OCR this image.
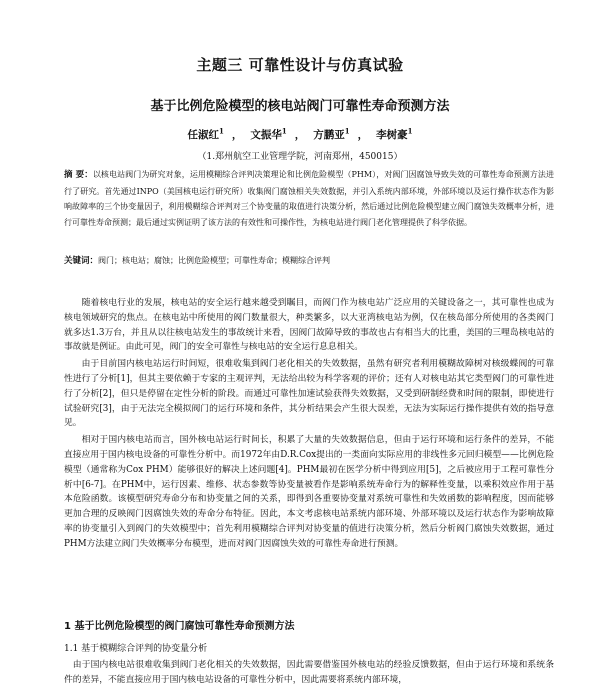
主题三 可靠性设计与仿真试验
基于比例危险模型的核电站阀门可靠性寿命预测方法
任淑红$^1$ ， 文振华$^1$ ， 方鹏亚$^1$ ， 李树豪$^1$
（1.郑州航空工业管理学院，河南郑州，450015）
摘 要：以核电站阀门为研究对象，运用模糊综合评判决策理论和比例危险模型（PHM），对阀门因腐蚀导致失效的可靠性寿命预测方法进行了研究。首先通过INPO（美国核电运行研究所）收集阀门腐蚀相关失效数据，并引入系统内部环境，外部环境以及运行操作状态作为影响故障率的三个协变量因子，利用模糊综合评判对三个协变量的取值进行决策分析，然后通过比例危险模型建立阀门腐蚀失效概率分析，进行可靠性寿命预测；最后通过实例证明了该方法的有效性和可操作性，为核电站进行阀门老化管理提供了科学依据。
关键词：阀门；核电站；腐蚀；比例危险模型；可靠性寿命；模糊综合评判

随着核电行业的发展，核电站的安全运行越来越受到瞩目，而阀门作为核电站广泛应用的关键设备之一，其可靠性也成为核电领域研究的焦点。在核电站中所使用的阀门数量很大，种类繁多，以大亚湾核电站为例，仅在核岛部分所使用的各类阀门就多达1.3万台，并且从以往核电站发生的事故统计来看，因阀门故障导致的事故也占有相当大的比重，美国的三哩岛核电站的事故就是例证。由此可见，阀门的安全可靠性与核电站的安全运行息息相关。

由于目前国内核电站运行时间短，很难收集到阀门老化相关的失效数据，虽然有研究者利用模糊故障树对核级蝶阀的可靠性进行了分析[1]，但其主要依赖于专家的主观评判，无法给出较为科学客观的评价；还有人对核电站其它类型阀门的可靠性进行了分析[2]，但只是停留在定性分析的阶段。而通过可靠性加速试验获得失效数据，又受到研制经费和时间的限制，即使进行试验研究[3]，由于无法完全模拟阀门的运行环境和条件，其分析结果会产生很大误差，无法为实际运行操作提供有效的指导意见。

相对于国内核电站而言，国外核电站运行时间长，积累了大量的失效数据信息，但由于运行环境和运行条件的差异，不能直接应用于国内核电设备的可靠性分析中。而1972年由D.R.Cox提出的一类面向实际应用的非线性多元回归模型——比例危险模型（通常称为Cox PHM）能够很好的解决上述问题[4]。PHM最初在医学分析中得到应用[5]，之后被应用于工程可靠性分析中[6-7]。在PHM中，运行因素、维修、状态参数等协变量被看作是影响系统寿命行为的解释性变量，以乘积效应作用于基本危险函数。该模型研究寿命分布和协变量之间的关系，即得到各重要协变量对系统可靠性和失效函数的影响程度，因而能够更加合理的反映阀门因腐蚀失效的寿命分布特征。因此，本文考虑核电站系统内部环境、外部环境以及运行状态作为影响故障率的协变量引入到阀门的失效模型中；首先利用模糊综合评判对协变量的值进行决策分析，然后分析阀门腐蚀失效数据，通过PHM方法建立阀门失效概率分布模型，进而对阀门因腐蚀失效的可靠性寿命进行预测。

1 基于比例危险模型的阀门腐蚀可靠性寿命预测方法
1.1 基于模糊综合评判的协变量分析

由于国内核电站很难收集到阀门老化相关的失效数据，因此需要借鉴国外核电站的经验反馈数据，但由于运行环境和系统条件的差异，不能直接应用于国内核电站设备的可靠性分析中，因此需要将系统内部环境，
